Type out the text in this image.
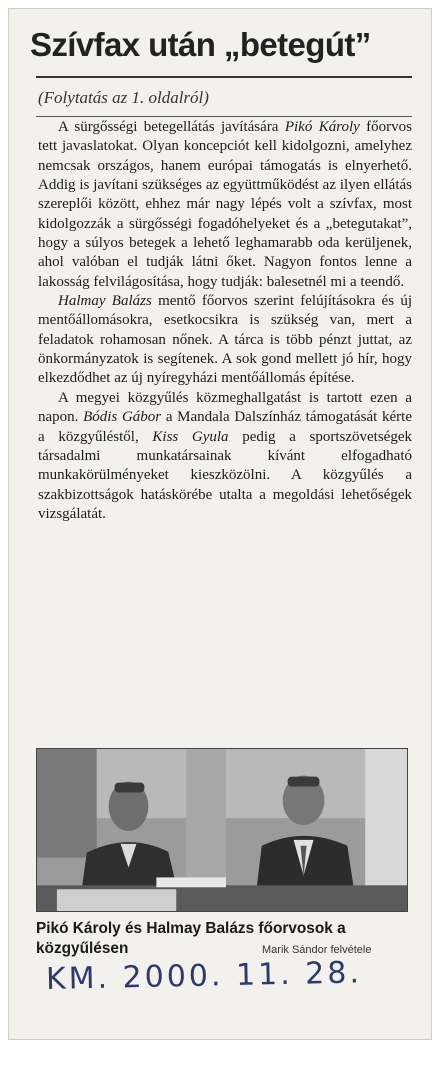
Szívfax után „betegút”
(Folytatás az 1. oldalról)

A sürgősségi betegellátás javítására Pikó Károly főorvos tett javaslatokat. Olyan koncepciót kell kidolgozni, amelyhez nemcsak országos, hanem európai támogatás is elnyerhető. Addig is javítani szükséges az együttműködést az ilyen ellátás szereplői között, ehhez már nagy lépés volt a szívfax, most kidolgozzák a sürgősségi fogadóhelyeket és a „betegutakat”, hogy a súlyos betegek a lehető leghamarabb oda kerüljenek, ahol valóban el tudják látni őket. Nagyon fontos lenne a lakosság felvilágosítása, hogy tudják: balesetnél mi a teendő.

Halmay Balázs mentő főorvos szerint felújításokra és új mentőállomásokra, esetkocsikra is szükség van, mert a feladatok rohamosan nőnek. A tárca is több pénzt juttat, az önkormányzatok is segítenek. A sok gond mellett jó hír, hogy elkezdődhet az új nyíregyházi mentőállomás építése.

A megyei közgyűlés közmeghallgatást is tartott ezen a napon. Bódis Gábor a Mandala Dalszínház támogatását kérte a közgyűléstől, Kiss Gyula pedig a sportszövetségek társadalmi munkatársainak kívánt elfogadható munkakörülményeket kieszközölni. A közgyűlés a szakbizottságok hatáskörébe utalta a megoldási lehetőségek vizsgálatát.

Pikó Károly és Halmay Balázs főorvosok a közgyűlésen	Marik Sándor felvétele
KM. 2000. 11. 28.
